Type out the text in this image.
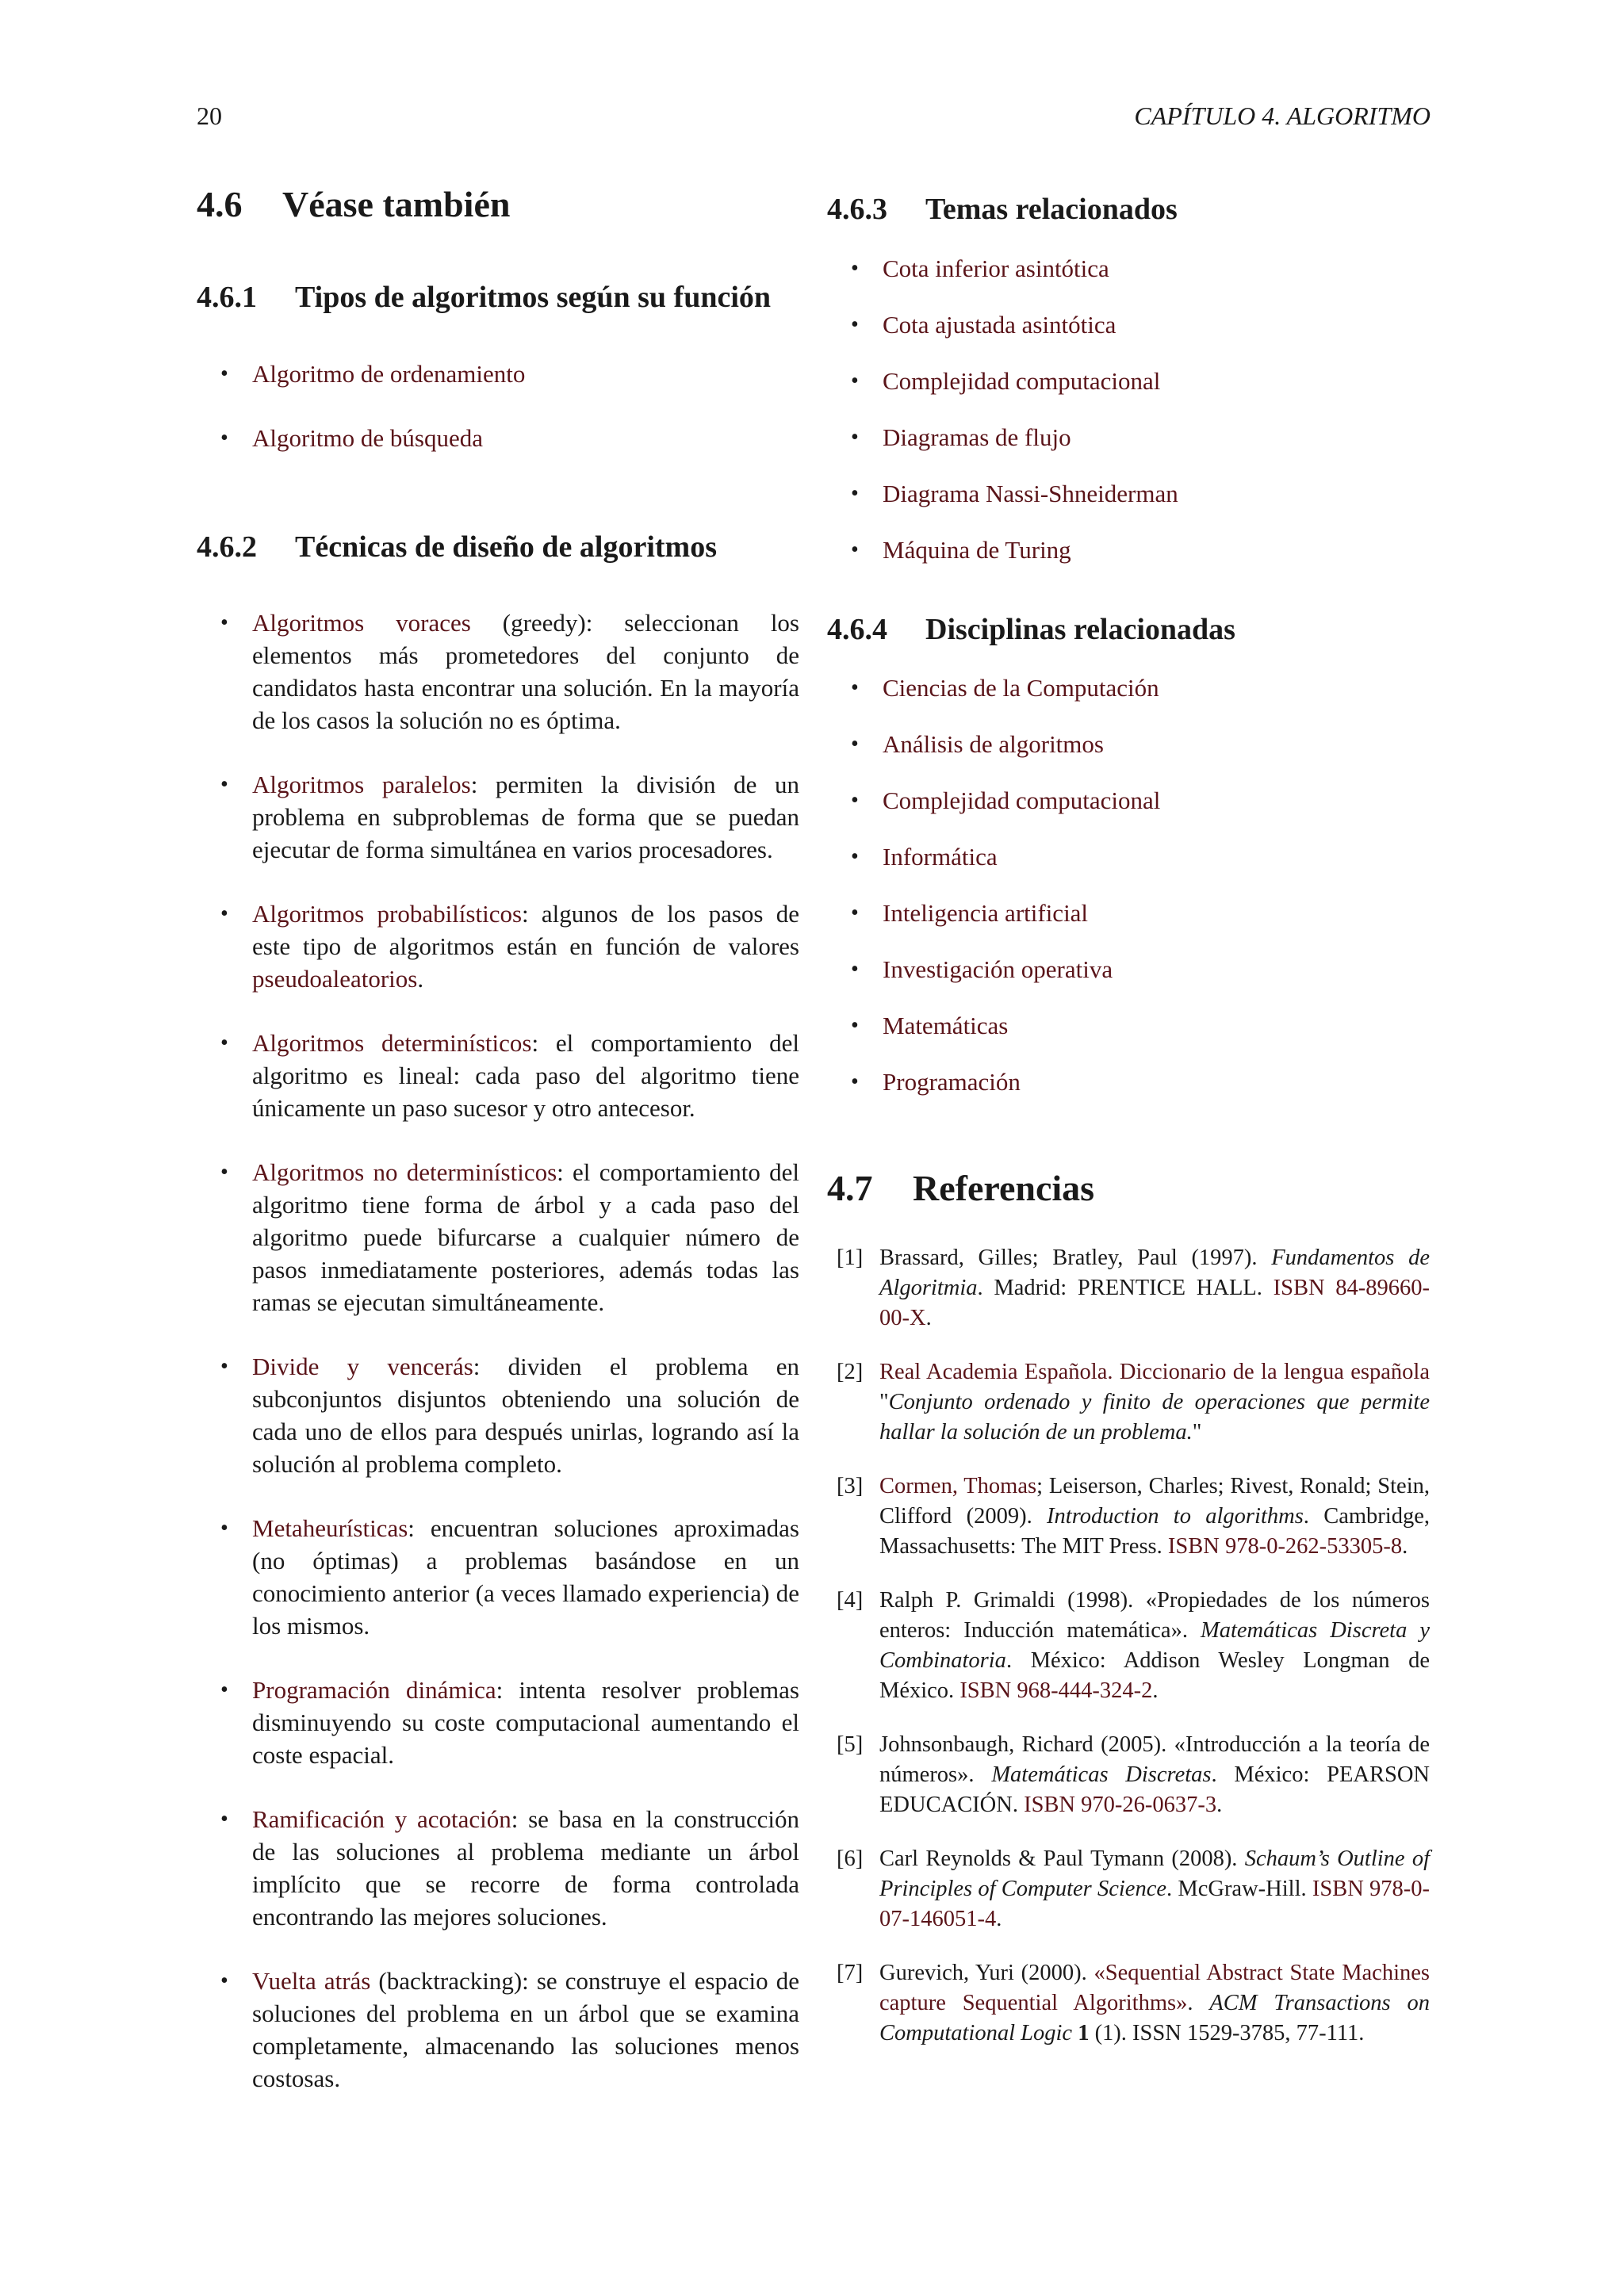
20	CAPÍTULO 4. ALGORITMO
4.6 Véase también
4.6.1 Tipos de algoritmos según su función
• Algoritmo de ordenamiento
• Algoritmo de búsqueda
4.6.2 Técnicas de diseño de algoritmos
• Algoritmos voraces (greedy): seleccionan los elementos más prometedores del conjunto de candidatos hasta encontrar una solución. En la mayoría de los casos la solución no es óptima.
• Algoritmos paralelos: permiten la división de un problema en subproblemas de forma que se puedan ejecutar de forma simultánea en varios procesadores.
• Algoritmos probabilísticos: algunos de los pasos de este tipo de algoritmos están en función de valores pseudoaleatorios.
• Algoritmos determinísticos: el comportamiento del algoritmo es lineal: cada paso del algoritmo tiene únicamente un paso sucesor y otro antecesor.
• Algoritmos no determinísticos: el comportamiento del algoritmo tiene forma de árbol y a cada paso del algoritmo puede bifurcarse a cualquier número de pasos inmediatamente posteriores, además todas las ramas se ejecutan simultáneamente.
• Divide y vencerás: dividen el problema en subconjuntos disjuntos obteniendo una solución de cada uno de ellos para después unirlas, logrando así la solución al problema completo.
• Metaheurísticas: encuentran soluciones aproximadas (no óptimas) a problemas basándose en un conocimiento anterior (a veces llamado experiencia) de los mismos.
• Programación dinámica: intenta resolver problemas disminuyendo su coste computacional aumentando el coste espacial.
• Ramificación y acotación: se basa en la construcción de las soluciones al problema mediante un árbol implícito que se recorre de forma controlada encontrando las mejores soluciones.
• Vuelta atrás (backtracking): se construye el espacio de soluciones del problema en un árbol que se examina completamente, almacenando las soluciones menos costosas.
4.6.3 Temas relacionados
• Cota inferior asintótica
• Cota ajustada asintótica
• Complejidad computacional
• Diagramas de flujo
• Diagrama Nassi-Shneiderman
• Máquina de Turing
4.6.4 Disciplinas relacionadas
• Ciencias de la Computación
• Análisis de algoritmos
• Complejidad computacional
• Informática
• Inteligencia artificial
• Investigación operativa
• Matemáticas
• Programación
4.7 Referencias
[1] Brassard, Gilles; Bratley, Paul (1997). Fundamentos de Algoritmia. Madrid: PRENTICE HALL. ISBN 84-89660-00-X.
[2] Real Academia Española. Diccionario de la lengua española "Conjunto ordenado y finito de operaciones que permite hallar la solución de un problema."
[3] Cormen, Thomas; Leiserson, Charles; Rivest, Ronald; Stein, Clifford (2009). Introduction to algorithms. Cambridge, Massachusetts: The MIT Press. ISBN 978-0-262-53305-8.
[4] Ralph P. Grimaldi (1998). «Propiedades de los números enteros: Inducción matemática». Matemáticas Discreta y Combinatoria. México: Addison Wesley Longman de México. ISBN 968-444-324-2.
[5] Johnsonbaugh, Richard (2005). «Introducción a la teoría de números». Matemáticas Discretas. México: PEARSON EDUCACIÓN. ISBN 970-26-0637-3.
[6] Carl Reynolds & Paul Tymann (2008). Schaum’s Outline of Principles of Computer Science. McGraw-Hill. ISBN 978-0-07-146051-4.
[7] Gurevich, Yuri (2000). «Sequential Abstract State Machines capture Sequential Algorithms». ACM Transactions on Computational Logic 1 (1). ISSN 1529-3785, 77-111.
